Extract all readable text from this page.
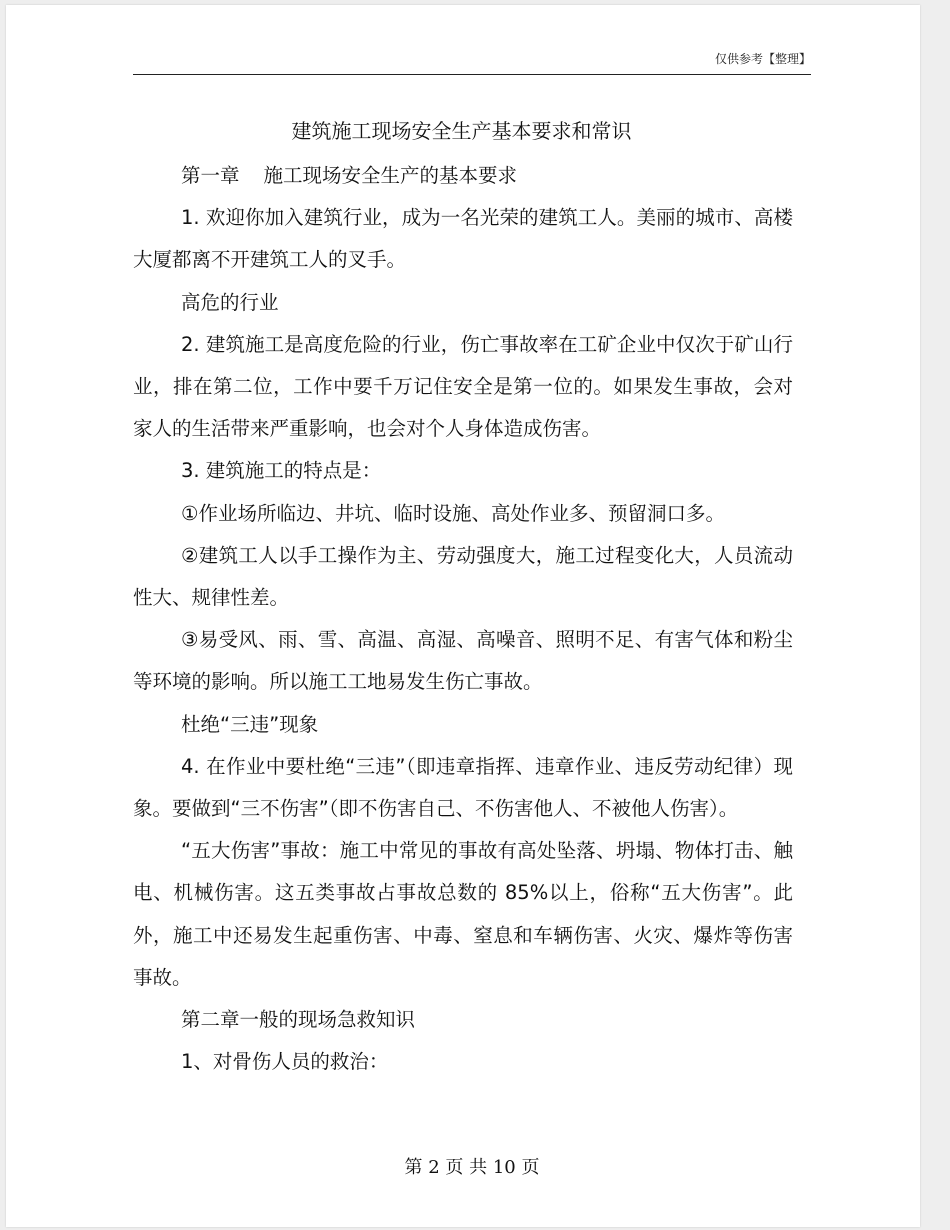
仅供参考【整理】
建筑施工现场安全生产基本要求和常识

第一章 施工现场安全生产的基本要求

1. 欢迎你加入建筑行业，成为一名光荣的建筑工人。美丽的城市、高楼大厦都离不开建筑工人的叉手。

高危的行业

2. 建筑施工是高度危险的行业，伤亡事故率在工矿企业中仅次于矿山行业，排在第二位，工作中要千万记住安全是第一位的。如果发生事故，会对家人的生活带来严重影响，也会对个人身体造成伤害。

3. 建筑施工的特点是：

①作业场所临边、井坑、临时设施、高处作业多、预留洞口多。

②建筑工人以手工操作为主、劳动强度大，施工过程变化大，人员流动性大、规律性差。

③易受风、雨、雪、高温、高湿、高噪音、照明不足、有害气体和粉尘等环境的影响。所以施工工地易发生伤亡事故。

杜绝“三违”现象

4. 在作业中要杜绝“三违”（即违章指挥、违章作业、违反劳动纪律）现象。要做到“三不伤害”（即不伤害自己、不伤害他人、不被他人伤害）。

“五大伤害”事故：施工中常见的事故有高处坠落、坍塌、物体打击、触电、机械伤害。这五类事故占事故总数的 85%以上，俗称“五大伤害”。此外，施工中还易发生起重伤害、中毒、窒息和车辆伤害、火灾、爆炸等伤害事故。

第二章一般的现场急救知识

1、对骨伤人员的救治：

第 2 页 共 10 页
